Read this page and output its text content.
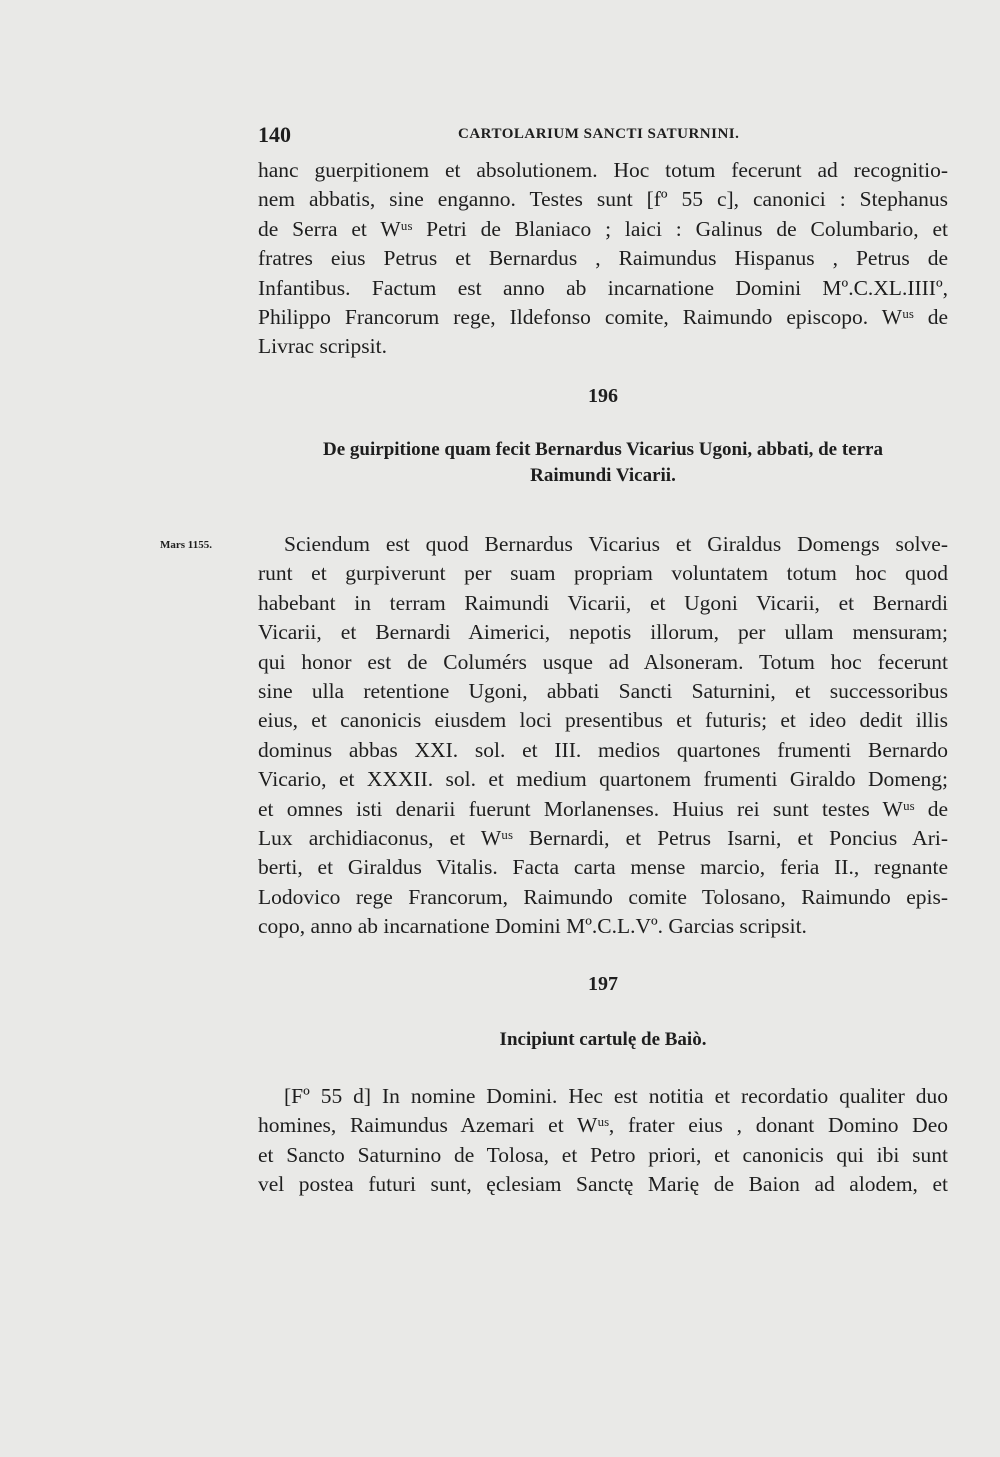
140	CARTOLARIUM SANCTI SATURNINI.
hanc guerpitionem et absolutionem. Hoc totum fecerunt ad recognitio-
nem abbatis, sine enganno. Testes sunt [fº 55 c], canonici : Stephanus
de Serra et Wᵘˢ Petri de Blaniaco ; laici : Galinus de Columbario, et
fratres eius Petrus et Bernardus , Raimundus Hispanus , Petrus de
Infantibus. Factum est anno ab incarnatione Domini Mº.C.XL.IIIIº,
Philippo Francorum rege, Ildefonso comite, Raimundo episcopo. Wᵘˢ de
Livrac scripsit.
196
De guirpitione quam fecit Bernardus Vicarius Ugoni, abbati, de terra
Raimundi Vicarii.
Mars 1155.	Sciendum est quod Bernardus Vicarius et Giraldus Domengs solve-
runt et gurpiverunt per suam propriam voluntatem totum hoc quod
habebant in terram Raimundi Vicarii, et Ugoni Vicarii, et Bernardi
Vicarii, et Bernardi Aimerici, nepotis illorum, per ullam mensuram;
qui honor est de Columérs usque ad Alsoneram. Totum hoc fecerunt
sine ulla retentione Ugoni, abbati Sancti Saturnini, et successoribus
eius, et canonicis eiusdem loci presentibus et futuris; et ideo dedit illis
dominus abbas XXI. sol. et III. medios quartones frumenti Bernardo
Vicario, et XXXII. sol. et medium quartonem frumenti Giraldo Domeng;
et omnes isti denarii fuerunt Morlanenses. Huius rei sunt testes Wᵘˢ de
Lux archidiaconus, et Wᵘˢ Bernardi, et Petrus Isarni, et Poncius Ari-
berti, et Giraldus Vitalis. Facta carta mense marcio, feria II., regnante
Lodovico rege Francorum, Raimundo comite Tolosano, Raimundo epis-
copo, anno ab incarnatione Domini Mº.C.L.Vº. Garcias scripsit.
197
Incipiunt cartulę de Baiò.
[Fº 55 d] In nomine Domini. Hec est notitia et recordatio qualiter duo
homines, Raimundus Azemari et Wᵘˢ, frater eius , donant Domino Deo
et Sancto Saturnino de Tolosa, et Petro priori, et canonicis qui ibi sunt
vel postea futuri sunt, ęclesiam Sanctę Marię de Baion ad alodem, et
